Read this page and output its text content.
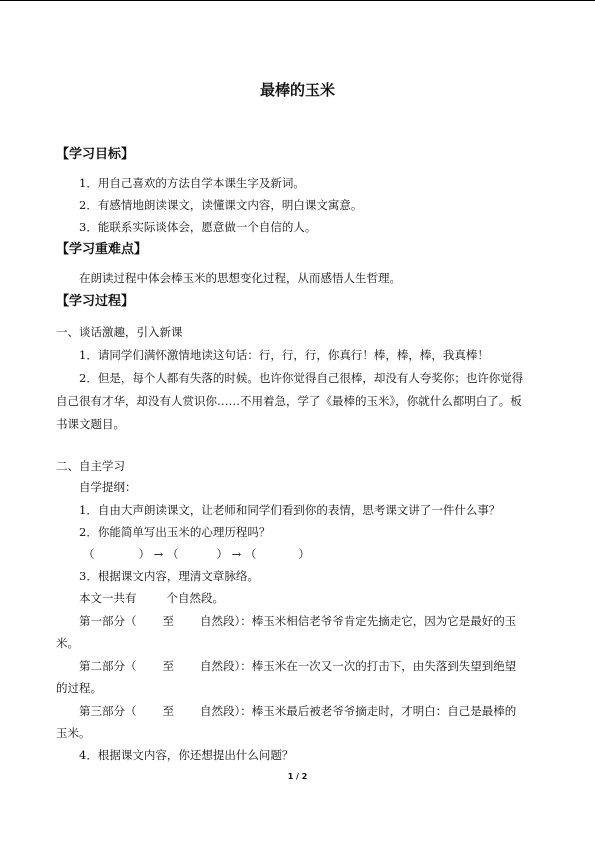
最棒的玉米
【学习目标】
1．用自己喜欢的方法自学本课生字及新词。
2．有感情地朗读课文，读懂课文内容，明白课文寓意。
3．能联系实际谈体会，愿意做一个自信的人。
【学习重难点】
在朗读过程中体会棒玉米的思想变化过程，从而感悟人生哲理。
【学习过程】
一、谈话激趣，引入新课
1．请同学们满怀激情地读这句话：行，行，行，你真行！棒，棒，棒，我真棒！
2．但是，每个人都有失落的时候。也许你觉得自己很棒，却没有人夸奖你；也许你觉得
自己很有才华，却没有人赏识你……不用着急，学了《最棒的玉米》，你就什么都明白了。板
书课文题目。
二、自主学习
自学提纲：
1．自由大声朗读课文，让老师和同学们看到你的表情，思考课文讲了一件什么事？
2．你能简单写出玉米的心理历程吗？
（	） → （	） → （	）
3．根据课文内容，理清文章脉络。
本文一共有	个自然段。
第一部分（ 至 自然段）：棒玉米相信老爷爷肯定先摘走它，因为它是最好的玉
米。
第二部分（ 至 自然段）：棒玉米在一次又一次的打击下，由失落到失望到绝望
的过程。
第三部分（ 至 自然段）：棒玉米最后被老爷爷摘走时，才明白：自己是最棒的
玉米。
4．根据课文内容，你还想提出什么问题？
1 / 2
